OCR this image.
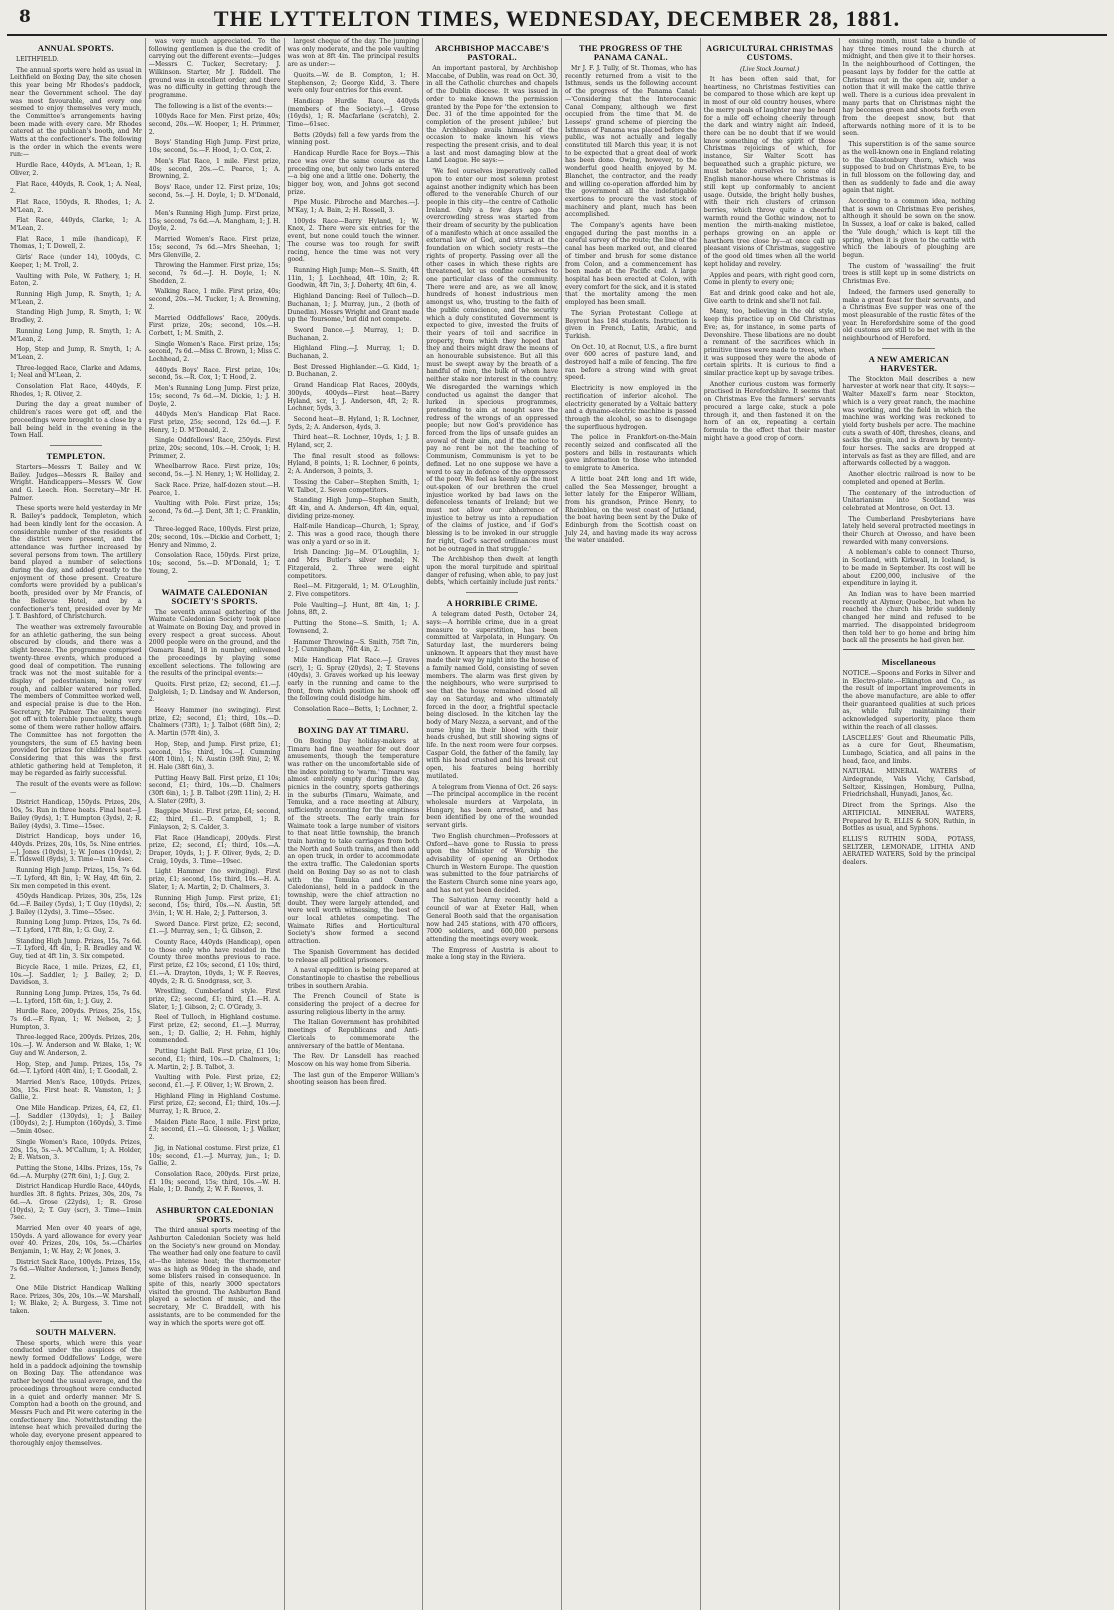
8	THE LYTTELTON TIMES, WEDNESDAY, DECEMBER 28, 1881.
ANNUAL SPORTS.

LEITHFIELD.

The annual sports were held as usual in Leithfield on Boxing Day, the site chosen this year being Mr Rhodes's paddock, near the Government school. The day was most favourable, and every one seemed to enjoy themselves very much, the Committee's arrangements having been made with every care. Mr Rhodes catered at the publican's booth, and Mr Watts at the confectioner's. The following is the order in which the events were run:—

Hurdle Race, 440yds, A. M'Lean, 1; R. Oliver, 2.

Flat Race, 440yds, R. Cook, 1; A. Neal, 2.

Flat Race, 150yds, R. Rhodes, 1; A. M'Lean, 2.

Flat Race, 440yds, Clarke, 1; A. M'Lean, 2.

Flat Race, 1 mile (handicap), F. Thomas, 1; T. Dowell, 2.

Girls' Race (under 14), 100yds, C. Keeper, 1; M. Troll, 2.

Vaulting with Pole, W. Fathery, 1; H. Eaton, 2.

Running High Jump, R. Smyth, 1; A. M'Lean, 2.

Standing High Jump, R. Smyth, 1; W. Bradley, 2.

Running Long Jump, R. Smyth, 1; A. M'Lean, 2.

Hop, Step and Jump, R. Smyth, 1; A. M'Lean, 2.

Three-legged Race, Clarke and Adams, 1; Neal and M'Lean, 2.

Consolation Flat Race, 440yds, F. Rhodes, 1; R. Oliver, 2.

During the day a great number of children's races were got off, and the proceedings were brought to a close by a ball being held in the evening in the Town Hall.

TEMPLETON.

Starters—Messrs T. Bailey and W. Bailey. Judges—Messrs R. Bailey and Wright. Handicappers—Messrs W. Gow and G. Leech. Hon. Secretary—Mr H. Palmer.

These sports were held yesterday in Mr R. Bailey's paddock, Templeton, which had been kindly lent for the occasion. A considerable number of the residents of the district were present, and the attendance was further increased by several persons from town. The artillery band played a number of selections during the day, and added greatly to the enjoyment of those present. Creature comforts were provided by a publican's booth, presided over by Mr Francis, of the Bellevue Hotel, and by a confectioner's tent, presided over by Mr J. T. Bashford, of Christchurch.

The weather was extremely favourable for an athletic gathering, the sun being obscured by clouds, and there was a slight breeze. The programme comprised twenty-three events, which produced a good deal of competition. The running track was not the most suitable for a display of pedestrianism, being very rough, and calbler watered nor rolled. The members of Committee worked well, and especial praise is due to the Hon. Secretary, Mr Palmer. The events were got off with tolerable punctuality, though some of them were rather hollow affairs. The Committee has not forgotten the youngsters, the sum of £5 having been provided for prizes for children's sports. Considering that this was the first athletic gathering held at Templeton, it may be regarded as fairly successful.

The result of the events were as follow:—

District Handicap, 150yds. Prizes, 20s, 10s, 5s. Run in three heats. Final heat—J. Bailey (9yds), 1; T. Humpton (3yds), 2; R. Bailey (4yds), 3. Time—15sec.

District Handicap, boys under 16, 440yds. Prizes, 20s, 10s, 5s. Nine entries.—J. Jones (10yds), 1; W. Jones (10yds), 2; E. Tidswell (8yds), 3. Time—1min 4sec.

Running High Jump. Prizes, 15s, 7s 6d.—T. Lyford, 4ft 8in, 1; W. Hay, 4ft 6in, 2. Six men competed in this event.

450yds Handicap. Prizes, 30s, 25s, 12s 6d.—F. Bailey (5yds), 1; T. Guy (10yds), 2; J. Bailey (12yds), 3. Time—55sec.

Running Long Jump. Prizes, 15s, 7s 6d.—T. Lyford, 17ft 8in, 1; G. Guy, 2.

Standing High Jump. Prizes, 15s, 7s 6d.—T. Lyford, 4ft 4in, 1; R. Bradley and W. Guy, tied at 4ft 1in, 3. Six competed.

Bicycle Race, 1 mile. Prizes, £2, £1, 10s.—J. Saddler, 1; J. Bailey, 2; D. Davidson, 3.

Running Long Jump. Prizes, 15s, 7s 6d.—L. Lyford, 15ft 6in, 1; J. Guy, 2.

Hurdle Race, 200yds. Prizes, 25s, 15s, 7s 6d.—F. Ryan, 1; W. Nelson, 2; J. Humpton, 3.

Three-legged Race, 200yds. Prizes, 20s, 10s.—J. W. Anderson and W. Blake, 1; W. Guy and W. Anderson, 2.

Hop, Step, and Jump. Prizes, 15s, 7s 6d.—T. Lyford (40ft 4in), 1; T. Goodall, 2.

Married Men's Race, 100yds. Prizes, 30s, 15s. First heat: R. Vamston, 1; J. Gallie, 2.

One Mile Handicap. Prizes, £4, £2, £1.—J. Saddler (130yds), 1; J. Bailey (100yds), 2; J. Humpton (160yds), 3. Time—5min 40sec.

Single Women's Race, 100yds. Prizes, 20s, 15s, 5s.—A. M'Callum, 1; A. Holder, 2; E. Watson, 3.

Putting the Stone, 14lbs. Prizes, 15s, 7s 6d.—A. Murphy (27ft 6in), 1; J. Guy, 2.

District Handicap Hurdle Race, 440yds, hurdles 3ft. 8 fights. Prizes, 30s, 20s, 7s 6d.—A. Grose (22yds), 1; R. Grose (10yds), 2; T. Guy (scr), 3. Time—1min 7sec.

Married Men over 40 years of age, 150yds. A yard allowance for every year over 40. Prizes, 20s, 10s, 5s.—Charles Benjamin, 1; W. Hay, 2; W. Jones, 3.

District Sack Race, 100yds. Prizes, 15s, 7s 6d.—Walter Anderson, 1; James Bendy, 2.

One Mile District Handicap Walking Race. Prizes, 30s, 20s, 10s.—W. Marshall, 1; W. Blake, 2; A. Burgess, 3. Time not taken.

SOUTH MALVERN.

These sports, which were this year conducted under the auspices of the newly formed Oddfellows' Lodge, were held in a paddock adjoining the township on Boxing Day. The attendance was rather beyond the usual average, and the proceedings throughout were conducted in a quiet and orderly manner. Mr S. Compton had a booth on the ground, and Messrs Fuch and Pit were catering in the confectionery line. Notwithstanding the intense heat which prevailed during the whole day, everyone present appeared to thoroughly enjoy themselves.

was very much appreciated. To the following gentlemen is due the credit of carrying out the different events:—Judges—Messrs C. Tucker, Secretary; J. Wilkinson. Starter, Mr J. Riddell. The ground was in excellent order, and there was no difficulty in getting through the programme.

The following is a list of the events:—

100yds Race for Men. First prize, 40s; second, 20s.—W. Hooper, 1; H. Primmer, 2.

Boys' Standing High Jump. First prize, 10s; second, 5s.—F. Hood, 1; O. Cox, 2.

Men's Flat Race, 1 mile. First prize, 40s; second, 20s.—C. Pearce, 1; A. Browning, 2.

Boys' Race, under 12. First prize, 10s; second, 5s.—J. H. Doyle, 1; D. M'Donald, 2.

Men's Running High Jump. First prize, 15s; second, 7s 6d.—A. Mangham, 1; J. H. Doyle, 2.

Married Women's Race. First prize, 15s; second, 7s 6d.—Mrs Sheehan, 1; Mrs Glenville, 2.

Throwing the Hammer. First prize, 15s; second, 7s 6d.—J. H. Doyle, 1; N. Shedden, 2.

Walking Race, 1 mile. First prize, 40s; second, 20s.—M. Tucker, 1; A. Browning, 2.

Married Oddfellows' Race, 200yds. First prize, 20s; second, 10s.—H. Corbett, 1; M. Smith, 2.

Single Women's Race. First prize, 15s; second, 7s 6d.—Miss C. Brown, 1; Miss C. Lochhead, 2.

440yds Boys' Race. First prize, 10s; second, 5s.—R. Cox, 1; T. Hood, 2.

Men's Running Long Jump. First prize, 15s; second, 7s 6d.—M. Dickie, 1; J. H. Doyle, 2.

440yds Men's Handicap Flat Race. First prize, 25s; second, 12s 6d.—J. F. Henry, 1; D. M'Donald, 2.

Single Oddfellows' Race, 250yds. First prize, 20s; second, 10s.—H. Crook, 1; H. Primmer, 2.

Wheelbarrow Race. First prize, 10s; second, 5s.—J. N. Henry, 1; W. Holliday, 2.

Sack Race. Prize, half-dozen stout.—H. Pearce, 1.

Vaulting with Pole. First prize, 15s; second, 7s 6d.—J. Dent, 3ft 1; C. Franklin, 2.

Three-legged Race, 100yds. First prize, 20s; second, 10s.—Dickie and Corbett, 1; Henry and Nimmo, 2.

Consolation Race, 150yds. First prize, 10s; second, 5s.—D. M'Donald, 1; T. Young, 2.

WAIMATE CALEDONIAN SOCIETY'S SPORTS.

The seventh annual gathering of the Waimate Caledonian Society took place at Waimate on Boxing Day, and proved in every respect a great success. About 2000 people were on the ground, and the Oamaru Band, 18 in number, enlivened the proceedings by playing some excellent selections. The following are the results of the principal events:—

Quoits. First prize, £2; second, £1.—J. Dalgleish, 1; D. Lindsay and W. Anderson, 2.

Heavy Hammer (no swinging). First prize, £2; second, £1; third, 10s.—D. Chalmers (73ft), 1; J. Talbot (68ft 5in), 2; A. Martin (57ft 4in), 3.

Hop, Step, and Jump. First prize, £1; second, 15s; third, 10s.—J. Cumming (40ft 10in), 1; N. Austin (39ft 9in), 2; W. H. Hale (38ft 6in), 3.

Putting Heavy Ball. First prize, £1 10s; second, £1; third, 10s.—D. Chalmers (30ft 6in), 1; J. B. Talbot (29ft 11in), 2; H. A. Slater (29ft), 3.

Bagpipe Music. First prize, £4; second, £2; third, £1.—D. Campbell, 1; R. Finlayson, 2; S. Calder, 3.

Flat Race (Handicap), 200yds. First prize, £2; second, £1; third, 10s.—A. Draper, 10yds, 1; J. F. Oliver, 9yds, 2; D. Craig, 10yds, 3. Time—19sec.

Light Hammer (no swinging). First prize, £1; second, 15s; third, 10s.—H. A. Slater, 1; A. Martin, 2; D. Chalmers, 3.

Running High Jump. First prize, £1; second, 15s; third, 10s.—N. Austin, 5ft 3½in, 1; W. H. Hale, 2; J. Patterson, 3.

Sword Dance. First prize, £2; second, £1.—J. Murray, sen., 1; G. Gibson, 2.

County Race, 440yds (Handicap), open to those only who have resided in the County three months previous to race. First prize, £2 10s; second, £1 10s; third, £1.—A. Drayton, 10yds, 1; W. F. Reeves, 40yds, 2; R. G. Snodgrass, scr, 3.

Wrestling, Cumberland style. First prize, £2; second, £1; third, £1.—H. A. Slater, 1; J. Gibson, 2; C. O'Grady, 3.

Reel of Tulloch, in Highland costume. First prize, £2; second, £1.—J. Murray, sen., 1; D. Gallie, 2; H. Fehm, highly commended.

Putting Light Ball. First prize, £1 10s; second, £1; third, 10s.—D. Chalmers, 1; A. Martin, 2; J. B. Talbot, 3.

Vaulting with Pole. First prize, £2; second, £1.—J. F. Oliver, 1; W. Brown, 2.

Highland Fling in Highland Costume. First prize, £2; second, £1; third, 10s.—J. Murray, 1; R. Bruce, 2.

Maiden Plate Race, 1 mile. First prize, £3; second, £1.—G. Gleeson, 1; J. Walker, 2.

Jig, in National costume. First prize, £1 10s; second, £1.—J. Murray, jun., 1; D. Gallie, 2.

Consolation Race, 200yds. First prize, £1 10s; second, 15s; third, 10s.—W. H. Hale, 1; D. Bandy, 2; W. F. Reeves, 3.

ASHBURTON CALEDONIAN SPORTS.

The third annual sports meeting of the Ashburton Caledonian Society was held on the Society's new ground on Monday. The weather had only one feature to cavil at—the intense heat; the thermometer was as high as 90deg in the shade, and some blisters raised in consequence. In spite of this, nearly 3000 spectators visited the ground. The Ashburton Band played a selection of music, and the secretary, Mr C. Braddell, with his assistants, are to be commended for the way in which the sports were got off.

largest cheque of the day. The jumping was only moderate, and the pole vaulting was won at 8ft 4in. The principal results are as under:—

Quoits.—W. de B. Compton, 1; H. Stephenson, 2; George Kidd, 3. There were only four entries for this event.

Handicap Hurdle Race, 440yds (members of the Society).—J. Grose (16yds), 1; R. Macfarlane (scratch), 2. Time—61sec.

Betts (20yds) fell a few yards from the winning post.

Handicap Hurdle Race for Boys.—This race was over the same course as the preceding one, but only two lads entered—a big one and a little one. Doherty, the bigger boy, won, and Johns got second prize.

Pipe Music. Pibroche and Marches.—J. M'Kay, 1; A. Bain, 2; H. Rossell, 3.

100yds Race—Barry Hyland, 1; W. Knox, 2. There were six entries for the event, but none could touch the winner. The course was too rough for swift racing, hence the time was not very good.

Running High Jump; Men—S. Smith, 4ft 11in, 1; J. Lochhead, 4ft 10in, 2; R. Goodwin, 4ft 7in, 3; J. Doherty, 4ft 6in, 4.

Highland Dancing: Reel of Tulloch—D. Buchanan, 1; J. Murray, jun., 2 (both of Dunedin). Messrs Wright and Grant made up the 'foursome,' but did not compete.

Sword Dance.—J. Murray, 1; D. Buchanan, 2.

Highland Fling.—J. Murray, 1; D. Buchanan, 2.

Best Dressed Highlander.—G. Kidd, 1; D. Buchanan, 2.

Grand Handicap Flat Races, 200yds, 300yds, 400yds—First heat—Barry Hyland, scr, 1; J. Anderson, 4ft, 2; R. Lochner, 5yds, 3.

Second heat—B. Hyland, 1; R. Lochner, 5yds, 2; A. Anderson, 4yds, 3.

Third heat—R. Lochner, 10yds, 1; J. B. Hyland, scr, 2.

The final result stood as follows: Hyland, 8 points, 1; R. Lochner, 6 points, 2; A. Anderson, 3 points, 3.

Tossing the Caber—Stephen Smith, 1; W. Talbot, 2. Seven competitors.

Standing High Jump—Stephen Smith, 4ft 4in, and A. Anderson, 4ft 4in, equal, dividing prize-money.

Half-mile Handicap—Church, 1; Spray, 2. This was a good race, though there was only a yard or so in it.

Irish Dancing: Jig—M. O'Loughlin, 1; and Mrs Butler's silver medal; N. Fitzgerald, 2. Three were eight competitors.

Reel—M. Fitzgerald, 1; M. O'Loughlin, 2. Five competitors.

Pole Vaulting—J. Hunt, 8ft 4in, 1; J. Johns, 8ft, 2.

Putting the Stone—S. Smith, 1; A. Townsend, 2.

Hammer Throwing—S. Smith, 75ft 7in, 1; J. Cunningham, 76ft 4in, 2.

Mile Handicap Flat Race.—J. Graves (scr), 1; G. Spray (20yds), 2; T. Stevens (40yds), 3. Graves worked up his leeway early in the running and came to the front, from which position he shook off the following could dislodge him.

Consolation Race—Betts, 1; Lochner, 2.

BOXING DAY AT TIMARU.

On Boxing Day holiday-makers at Timaru had fine weather for out door amusements, though the temperature was rather on the uncomfortable side of the index pointing to 'warm.' Timaru was almost entirely empty during the day, picnics in the country, sports gatherings in the suburbs (Timaru, Waimate, and Temuka, and a race meeting at Albury, sufficiently accounting for the emptiness of the streets. The early train for Waimate took a large number of visitors to that neat little township, the branch train having to take carriages from both the North and South trains, and then add an open truck, in order to accommodate the extra traffic. The Caledonian sports (held on Boxing Day so as not to clash with the Temuka and Oamaru Caledonians), held in a paddock in the township, were the chief attraction no doubt. They were largely attended, and were well worth witnessing, the best of our local athletes competing. The Waimate Rifles and Horticultural Society's show formed a second attraction.

The Spanish Government has decided to release all political prisoners.

A naval expedition is being prepared at Constantinople to chastise the rebellious tribes in southern Arabia.

The French Council of State is considering the project of a decree for assuring religious liberty in the army.

The Italian Government has prohibited meetings of Republicans and Anti-Clericals to commemorate the anniversary of the battle of Mentana.

The Rev. Dr Lansdell has reached Moscow on his way home from Siberia.

The last gun of the Emperor William's shooting season has been fired.

ARCHBISHOP MACCABE'S PASTORAL.

An important pastoral, by Archbishop Maccabe, of Dublin, was read on Oct. 30, in all the Catholic churches and chapels of the Dublin diocese. It was issued in order to make known the permission granted by the Pope for 'the extension to Dec. 31 of the time appointed for the completion of the present jubilee;' but the Archbishop avails himself of the occasion to make known his views respecting the present crisis, and to deal a last and most damaging blow at the Land League. He says:—

'We feel ourselves imperatively called upon to enter our most solemn protest against another indignity which has been offered to the venerable Church of our people in this city—the centre of Catholic Ireland. Only a few days ago the overcrowding stress was started from their dream of security by the publication of a manifesto which at once assailed the external law of God, and struck at the foundation on which society rests—the rights of property. Passing over all the other cases in which these rights are threatened, let us confine ourselves to one particular class of the community. There were and are, as we all know, hundreds of honest industrious men amongst us, who, trusting to the faith of the public conscience, and the security which a duly constituted Government is expected to give, invested the fruits of their years of toil and sacrifice in property, from which they hoped that they and theirs might draw the means of an honourable subsistence. But all this must be swept away by the breath of a handful of men, the bulk of whom have neither stake nor interest in the country. We disregarded the warnings which conducted us against the danger that lurked in specious programmes, pretending to aim at nought save the redress of the wrongs of an oppressed people; but now God's providence has forced from the lips of unsafe guides an avowal of their aim, and if the notice to pay no rent be not the teaching of Communism, Communism is yet to be defined. Let no one suppose we have a word to say in defence of the oppressors of the poor. We feel as keenly as the most out-spoken of our brethren the cruel injustice worked by bad laws on the defenceless tenants of Ireland; but we must not allow our abhorrence of injustice to betray us into a repudiation of the claims of justice, and if God's blessing is to be invoked in our struggle for right, God's sacred ordinances must not be outraged in that struggle.'

The Archbishop then dwelt at length upon the moral turpitude and spiritual danger of refusing, when able, to pay just debts, 'which certainly include just rents.'

A HORRIBLE CRIME.

A telegram dated Pesth, October 24, says:—A horrible crime, due in a great measure to superstition, has been committed at Varpolata, in Hungary. On Saturday last, the murderers being unknown. It appears that they must have made their way by night into the house of a family named Gold, consisting of seven members. The alarm was first given by the neighbours, who were surprised to see that the house remained closed all day on Saturday, and who ultimately forced in the door, a frightful spectacle being disclosed. In the kitchen lay the body of Mary Nezza, a servant, and of the nurse lying in their blood with their heads crushed, but still showing signs of life. In the next room were four corpses. Caspar Gold, the father of the family, lay with his head crushed and his breast cut open, his features being horribly mutilated.

A telegram from Vienna of Oct. 26 says:—The principal accomplice in the recent wholesale murders at Varpolata, in Hungary, has been arrested, and has been identified by one of the wounded servant girls.

Two English churchmen—Professors at Oxford—have gone to Russia to press upon the Minister of Worship the advisability of opening an Orthodox Church in Western Europe. The question was submitted to the four patriarchs of the Eastern Church some nine years ago, and has not yet been decided.

The Salvation Army recently held a council of war at Exeter Hall, when General Booth said that the organisation now had 245 stations, with 470 officers, 7000 soldiers, and 600,000 persons attending the meetings every week.

The Empress of Austria is about to make a long stay in the Riviera.

THE PROGRESS OF THE PANAMA CANAL.

Mr J. F. J. Tully, of St. Thomas, who has recently returned from a visit to the Isthmus, sends us the following account of the progress of the Panama Canal:—'Considering that the Interoceanic Canal Company, although we first occupied from the time that M. de Lesseps' grand scheme of piercing the Isthmus of Panama was placed before the public, was not actually and legally constituted till March this year, it is not to be expected that a great deal of work has been done. Owing, however, to the wonderful good health enjoyed by M. Blanchet, the contractor, and the ready and willing co-operation afforded him by the government all the indefatigable exertions to procure the vast stock of machinery and plant, much has been accomplished.

The Company's agents have been engaged during the past months in a careful survey of the route; the line of the canal has been marked out, and cleared of timber and brush for some distance from Colon, and a commencement has been made at the Pacific end. A large hospital has been erected at Colon, with every comfort for the sick, and it is stated that the mortality among the men employed has been small.

The Syrian Protestant College at Beyrout has 184 students. Instruction is given in French, Latin, Arabic, and Turkish.

On Oct. 10, at Rocnut, U.S., a fire burnt over 600 acres of pasture land, and destroyed half a mile of fencing. The fire ran before a strong wind with great speed.

Electricity is now employed in the rectification of inferior alcohol. The electricity generated by a Voltaic battery and a dynamo-electric machine is passed through the alcohol, so as to disengage the superfluous hydrogen.

The police in Frankfort-on-the-Main recently seized and confiscated all the posters and bills in restaurants which gave information to those who intended to emigrate to America.

A little boat 24ft long and 1ft wide, called the Sea Messenger, brought a letter lately for the Emperor William, from his grandson, Prince Henry, to Rheinbleu, on the west coast of Jutland, the boat having been sent by the Duke of Edinburgh from the Scottish coast on July 24, and having made its way across the water unaided.

AGRICULTURAL CHRISTMAS CUSTOMS.
(Live Stock Journal.)

It has been often said that, for heartiness, no Christmas festivities can be compared to those which are kept up in most of our old country houses, where the merry peals of laughter may be heard for a mile off echoing cheerily through the dark and wintry night air. Indeed, there can be no doubt that if we would know something of the spirit of those Christmas rejoicings of which, for instance, Sir Walter Scott has bequeathed such a graphic picture, we must betake ourselves to some old English manor-house where Christmas is still kept up conformably to ancient usage. Outside, the bright holly bushes, with their rich clusters of crimson berries, which throw quite a cheerful warmth round the Gothic window, not to mention the mirth-making mistletoe, perhaps growing on an apple or hawthorn tree close by—at once call up pleasant visions of Christmas, suggestive of the good old times when all the world kept holiday and revelry.

Apples and pears, with right good corn, Come in plenty to every one;

Eat and drink good cake and hot ale, Give earth to drink and she'll not fail.

Many, too, believing in the old style, keep this practice up on Old Christmas Eve; as, for instance, in some parts of Devonshire. These libations are no doubt a remnant of the sacrifices which in primitive times were made to trees, when it was supposed they were the abode of certain spirits. It is curious to find a similar practice kept up by savage tribes.

Another curious custom was formerly practised in Herefordshire. It seems that on Christmas Eve the farmers' servants procured a large cake, stuck a pole through it, and then fastened it on the horn of an ox, repeating a certain formula to the effect that their master might have a good crop of corn.

ensuing month, must take a bundle of hay three times round the church at midnight, and then give it to their horses. In the neighbourhood of Cottingen, the peasant lays by fodder for the cattle at Christmas out in the open air, under a notion that it will make the cattle thrive well. There is a curious idea prevalent in many parts that on Christmas night the hay becomes green and shoots forth even from the deepest snow, but that afterwards nothing more of it is to be seen.

This superstition is of the same source as the well-known one in England relating to the Glastonbury thorn, which was supposed to bud on Christmas Eve, to be in full blossom on the following day, and then as suddenly to fade and die away again that night.

According to a common idea, nothing that is sown on Christmas Eve perishes, although it should be sown on the snow. In Sussex, a loaf or cake is baked, called the 'Yule dough,' which is kept till the spring, when it is given to the cattle with which the labours of ploughing are begun.

The custom of 'wassailing' the fruit trees is still kept up in some districts on Christmas Eve.

Indeed, the farmers used generally to make a great feast for their servants, and a Christmas Eve supper was one of the most pleasurable of the rustic fêtes of the year. In Herefordshire some of the good old customs are still to be met with in the neighbourhood of Hereford.

A NEW AMERICAN HARVESTER.

The Stockton Mail describes a new harvester at work near that city. It says:—Walter Maxell's farm near Stockton, which is a very great ranch, the machine was working, and the field in which the machine was working was reckoned to yield forty bushels per acre. The machine cuts a swath of 40ft, threshes, cleans, and sacks the grain, and is drawn by twenty-four horses. The sacks are dropped at intervals as fast as they are filled, and are afterwards collected by a waggon.

Another electric railroad is now to be completed and opened at Berlin.

The centenary of the introduction of Unitarianism into Scotland was celebrated at Montrose, on Oct. 13.

The Cumberland Presbyterians have lately held several protracted meetings in their Church at Owosso, and have been rewarded with many conversions.

A nobleman's cable to connect Thurso, in Scotland, with Kirkwall, in Iceland, is to be made in September. Its cost will be about £200,000, inclusive of the expenditure in laying it.

An Indian was to have been married recently at Alymer, Quebec, but when he reached the church his bride suddenly changed her mind and refused to be married. The disappointed bridegroom then told her to go home and bring him back all the presents he had given her.

Miscellaneous

NOTICE.—Spoons and Forks in Silver and in Electro-plate.—Elkington and Co., as the result of important improvements in the above manufacture, are able to offer their guaranteed qualities at such prices as, while fully maintaining their acknowledged superiority, place them within the reach of all classes.

LASCELLES' Gout and Rheumatic Pills, as a cure for Gout, Rheumatism, Lumbago, Sciatica, and all pains in the head, face, and limbs.

NATURAL MINERAL WATERS of Airdegrande, Vals Vichy, Carlsbad, Seltzer, Kissingen, Homburg, Pullna, Friedrichshall, Hunyadi, Janos, &c.

Direct from the Springs. Also the ARTIFICIAL MINERAL WATERS, Prepared by R. ELLIS & SON, Ruthin, in Bottles as usual, and Syphons.

ELLIS'S RUTHIN SODA, POTASS, SELTZER, LEMONADE, LITHIA AND AERATED WATERS, Sold by the principal dealers.
